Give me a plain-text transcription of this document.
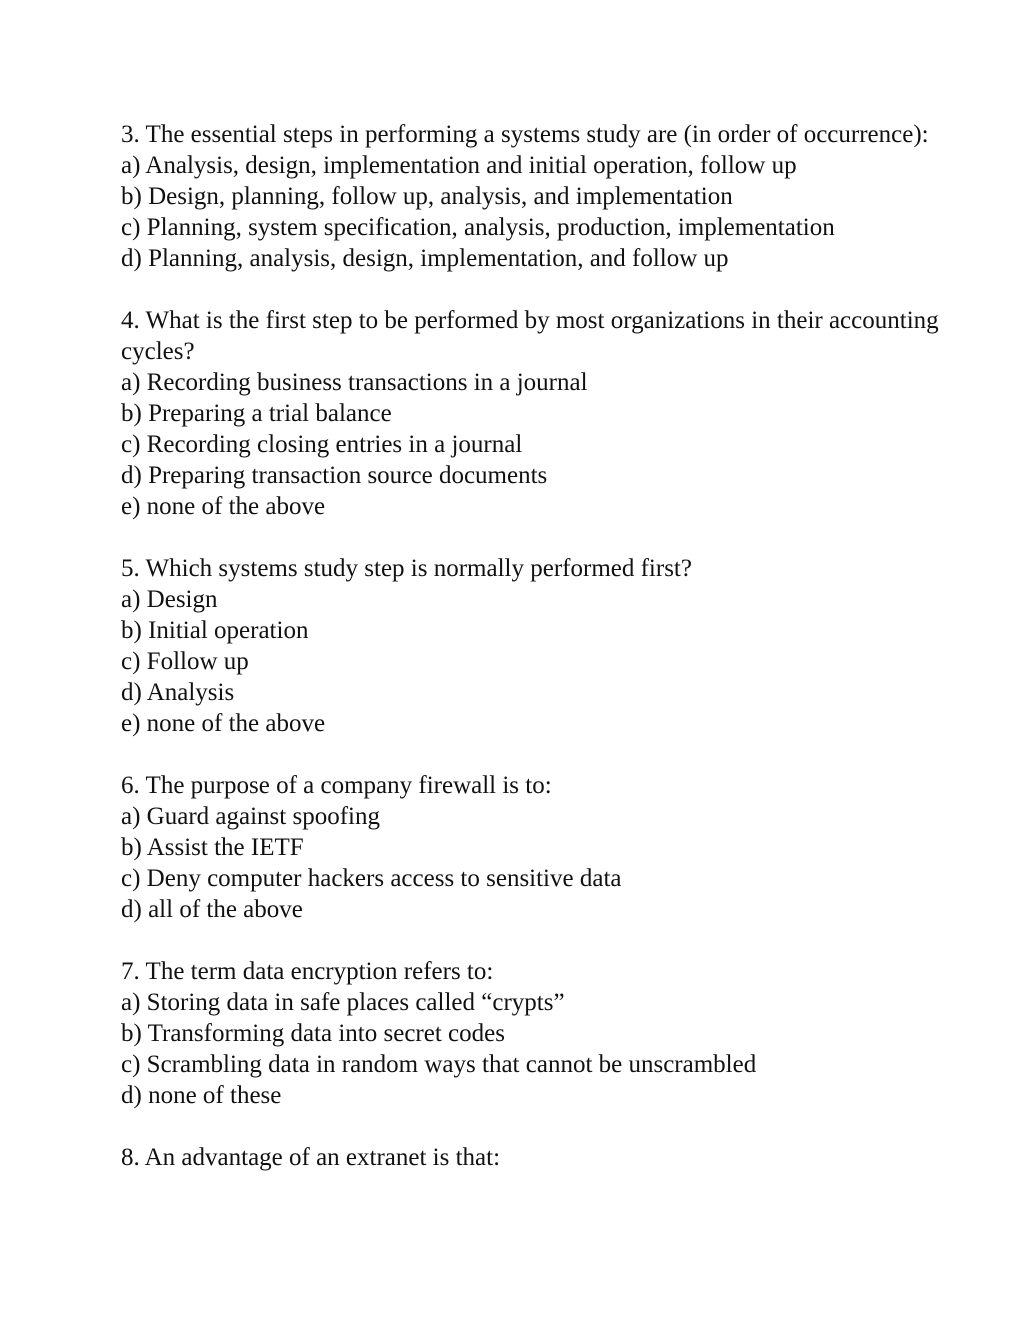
3. The essential steps in performing a systems study are (in order of occurrence):
a) Analysis, design, implementation and initial operation, follow up
b) Design, planning, follow up, analysis, and implementation
c) Planning, system specification, analysis, production, implementation
d) Planning, analysis, design, implementation, and follow up
4. What is the first step to be performed by most organizations in their accounting cycles?
a) Recording business transactions in a journal
b) Preparing a trial balance
c) Recording closing entries in a journal
d) Preparing transaction source documents
e) none of the above
5. Which systems study step is normally performed first?
a) Design
b) Initial operation
c) Follow up
d) Analysis
e) none of the above
6. The purpose of a company firewall is to:
a) Guard against spoofing
b) Assist the IETF
c) Deny computer hackers access to sensitive data
d) all of the above
7. The term data encryption refers to:
a) Storing data in safe places called “crypts”
b) Transforming data into secret codes
c) Scrambling data in random ways that cannot be unscrambled
d) none of these
8. An advantage of an extranet is that:
